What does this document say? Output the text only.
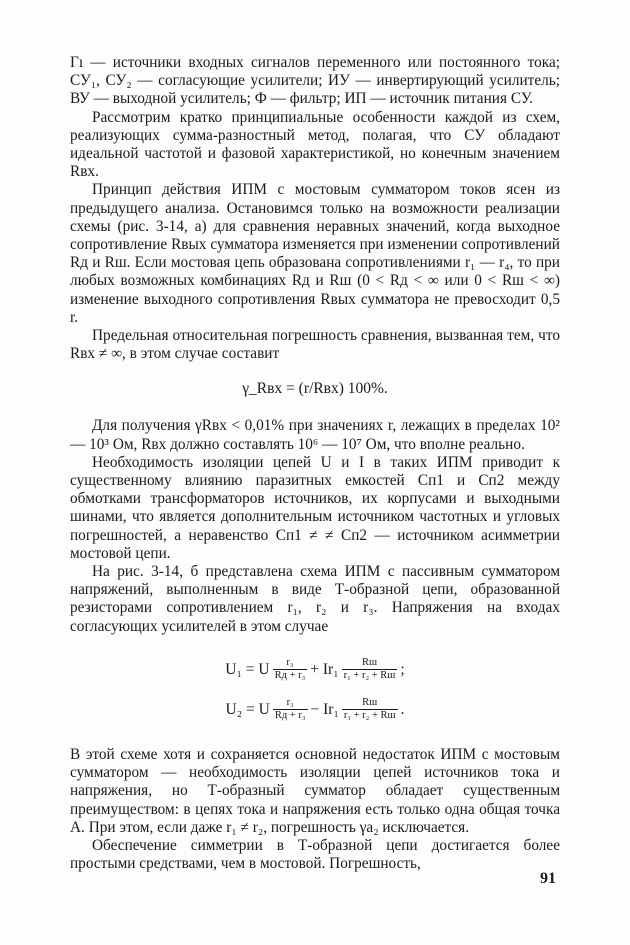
Гı — источники входных сигналов переменного или постоянного тока; СУ₁, СУ₂ — согласующие усилители; ИУ — инвертирующий усилитель; ВУ — выходной усилитель; Ф — фильтр; ИП — источник питания СУ.

Рассмотрим кратко принципиальные особенности каждой из схем, реализующих сумма-разностный метод, полагая, что СУ обладают идеальной частотой и фазовой характеристикой, но конечным значением Rвх.

Принцип действия ИПМ с мостовым сумматором токов ясен из предыдущего анализа. Остановимся только на возможности реализации схемы (рис. 3-14, а) для сравнения неравных значений, когда выходное сопротивление Rвых сумматора изменяется при изменении сопротивлений Rд и Rш. Если мостовая цепь образована сопротивлениями r₁ — r₄, то при любых возможных комбинациях Rд и Rш (0 < Rд < ∞ или 0 < Rш < ∞) изменение выходного сопротивления Rвых сумматора не превосходит 0,5 r.

Предельная относительная погрешность сравнения, вызванная тем, что Rвх ≠ ∞, в этом случае составит

γ_Rвх = (r/Rвх) 100%.

Для получения γRвх < 0,01% при значениях r, лежащих в пределах 10² — 10³ Ом, Rвх должно составлять 10⁶ — 10⁷ Ом, что вполне реально.

Необходимость изоляции цепей U и I в таких ИПМ приводит к существенному влиянию паразитных емкостей Cп1 и Cп2 между обмотками трансформаторов источников, их корпусами и выходными шинами, что является дополнительным источником частотных и угловых погрешностей, а неравенство Cп1 ≠ ≠ Cп2 — источником асимметрии мостовой цепи.

На рис. 3-14, б представлена схема ИПМ с пассивным сумматором напряжений, выполненным в виде Т-образной цепи, образованной резисторами сопротивлением r₁, r₂ и r₃. Напряжения на входах согласующих усилителей в этом случае

U₁ = U $\frac{\text{r₃}}{\text{Rд + r₃}} + Ir_1 \frac{Rш}{\text{r₁ + r₂ + Rш}}$ ;
U₂ = U $\frac{\text{r₃}}{\text{Rд + r₃}} - Ir_1 \frac{Rш}{\text{r₁ + r₂ + Rш}}$ .

В этой схеме хотя и сохраняется основной недостаток ИПМ с мостовым сумматором — необходимость изоляции цепей источников тока и напряжения, но Т-образный сумматор обладает существенным преимуществом: в цепях тока и напряжения есть только одна общая точка A. При этом, если даже r₁ ≠ r₂, погрешность γа₂ исключается.

Обеспечение симметрии в Т-образной цепи достигается более простыми средствами, чем в мостовой. Погрешность,

91
